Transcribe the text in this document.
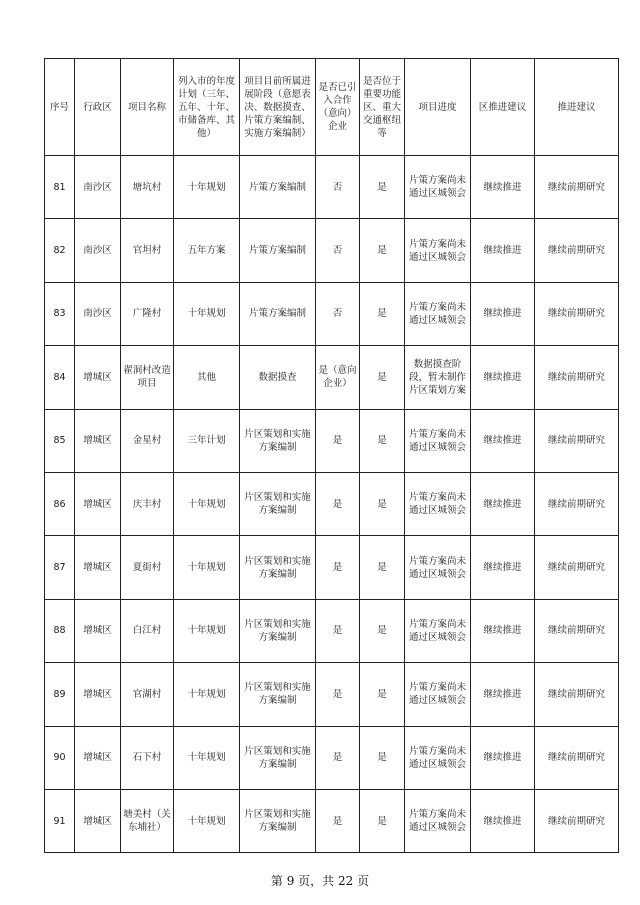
序号	行政区	项目名称	列入市的年度计划（三年、五年、十年、市储备库、其他）	项目目前所属进展阶段（意愿表决、数据摸查、片策方案编制、实施方案编制）	是否已引入合作（意向）企业	是否位于重要功能区、重大交通枢纽等	项目进度	区推进建议	推进建议
81	南沙区	塘坑村	十年规划	片策方案编制	否	是	片策方案尚未通过区城领会	继续推进	继续前期研究
82	南沙区	官坦村	五年方案	片策方案编制	否	是	片策方案尚未通过区城领会	继续推进	继续前期研究
83	南沙区	广隆村	十年规划	片策方案编制	否	是	片策方案尚未通过区城领会	继续推进	继续前期研究
84	增城区	翟洞村改造项目	其他	数据摸查	是（意向企业）	是	数据摸查阶段，暂未制作片区策划方案	继续推进	继续前期研究
85	增城区	金星村	三年计划	片区策划和实施方案编制	是	是	片策方案尚未通过区城领会	继续推进	继续前期研究
86	增城区	庆丰村	十年规划	片区策划和实施方案编制	是	是	片策方案尚未通过区城领会	继续推进	继续前期研究
87	增城区	夏街村	十年规划	片区策划和实施方案编制	是	是	片策方案尚未通过区城领会	继续推进	继续前期研究
88	增城区	白江村	十年规划	片区策划和实施方案编制	是	是	片策方案尚未通过区城领会	继续推进	继续前期研究
89	增城区	官湖村	十年规划	片区策划和实施方案编制	是	是	片策方案尚未通过区城领会	继续推进	继续前期研究
90	增城区	石下村	十年规划	片区策划和实施方案编制	是	是	片策方案尚未通过区城领会	继续推进	继续前期研究
91	增城区	塘美村（关东埔社）	十年规划	片区策划和实施方案编制	是	是	片策方案尚未通过区城领会	继续推进	继续前期研究
第 9 页，共 22 页
